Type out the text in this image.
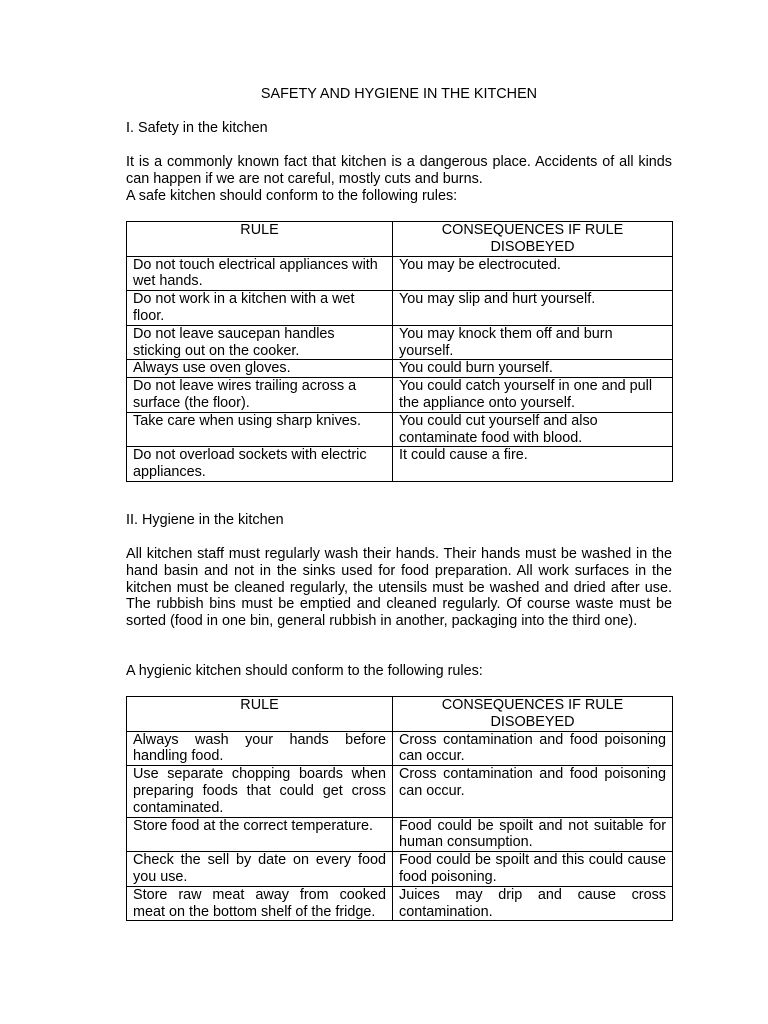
SAFETY AND HYGIENE IN THE KITCHEN
I. Safety in the kitchen

It is a commonly known fact that kitchen is a dangerous place. Accidents of all kinds can happen if we are not careful, mostly cuts and burns.

A safe kitchen should conform to the following rules:

RULE	CONSEQUENCES IF RULE DISOBEYED
Do not touch electrical appliances with wet hands.	You may be electrocuted.
Do not work in a kitchen with a wet floor.	You may slip and hurt yourself.
Do not leave saucepan handles sticking out on the cooker.	You may knock them off and burn yourself.
Always use oven gloves.	You could burn yourself.
Do not leave wires trailing across a surface (the floor).	You could catch yourself in one and pull the appliance onto yourself.
Take care when using sharp knives.	You could cut yourself and also contaminate food with blood.
Do not overload sockets with electric appliances.	It could cause a fire.
II. Hygiene in the kitchen

All kitchen staff must regularly wash their hands. Their hands must be washed in the hand basin and not in the sinks used for food preparation. All work surfaces in the kitchen must be cleaned regularly, the utensils must be washed and dried after use. The rubbish bins must be emptied and cleaned regularly. Of course waste must be sorted (food in one bin, general rubbish in another, packaging into the third one).

A hygienic kitchen should conform to the following rules:

RULE	CONSEQUENCES IF RULE DISOBEYED
Always wash your hands before handling food.	Cross contamination and food poisoning can occur.
Use separate chopping boards when preparing foods that could get cross contaminated.	Cross contamination and food poisoning can occur.
Store food at the correct temperature.	Food could be spoilt and not suitable for human consumption.
Check the sell by date on every food you use.	Food could be spoilt and this could cause food poisoning.
Store raw meat away from cooked meat on the bottom shelf of the fridge.	Juices may drip and cause cross contamination.
